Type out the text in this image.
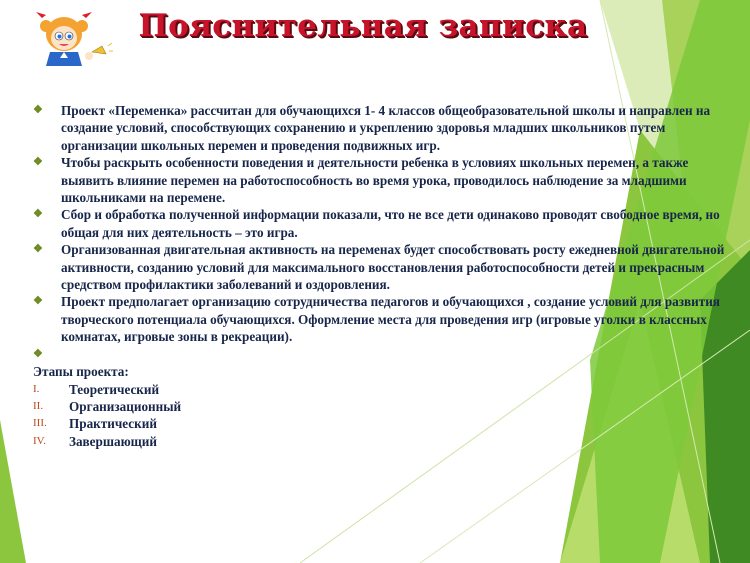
Пояснительная записка
❖ Проект «Переменка» рассчитан для обучающихся 1- 4 классов общеобразовательной школы и направлен на создание условий, способствующих сохранению и укреплению здоровья младших школьников путем организации школьных перемен и проведения подвижных игр.
❖ Чтобы раскрыть особенности поведения и деятельности ребенка в условиях школьных перемен, а также выявить влияние перемен на работоспособность во время урока, проводилось наблюдение за младшими школьниками на перемене.
❖ Сбор и обработка полученной информации показали, что не все дети одинаково проводят свободное время, но общая для них деятельность – это игра.
❖ Организованная двигательная активность на переменах будет способствовать росту ежедневной двигательной активности, созданию условий для максимального восстановления работоспособности детей и прекрасным средством профилактики заболеваний и оздоровления.
❖ Проект предполагает организацию сотрудничества педагогов и обучающихся , создание условий для развития творческого потенциала обучающихся. Оформление места для проведения игр (игровые уголки в классных комнатах, игровые зоны в рекреации).
❖

Этапы проекта:

I. Теоретический
II. Организационный
III. Практический
IV. Завершающий
